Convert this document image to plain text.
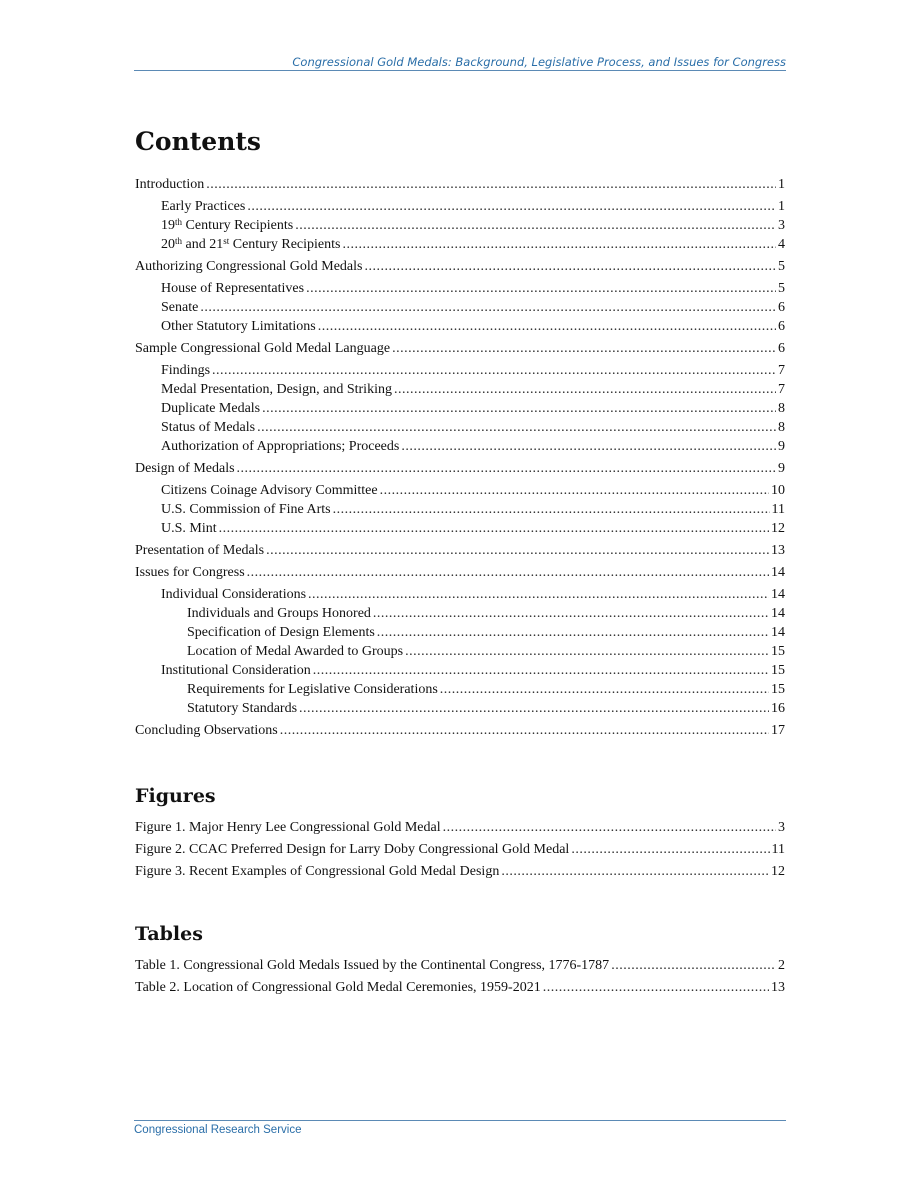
Congressional Gold Medals: Background, Legislative Process, and Issues for Congress
Contents
Introduction .....	1
Early Practices .....	1
19th Century Recipients .....	3
20th and 21st Century Recipients .....	4
Authorizing Congressional Gold Medals .....	5
House of Representatives .....	5
Senate .....	6
Other Statutory Limitations .....	6
Sample Congressional Gold Medal Language .....	6
Findings .....	7
Medal Presentation, Design, and Striking .....	7
Duplicate Medals .....	8
Status of Medals .....	8
Authorization of Appropriations; Proceeds .....	9
Design of Medals .....	9
Citizens Coinage Advisory Committee .....	10
U.S. Commission of Fine Arts .....	11
U.S. Mint .....	12
Presentation of Medals .....	13
Issues for Congress .....	14
Individual Considerations .....	14
Individuals and Groups Honored .....	14
Specification of Design Elements .....	14
Location of Medal Awarded to Groups .....	15
Institutional Consideration .....	15
Requirements for Legislative Considerations .....	15
Statutory Standards .....	16
Concluding Observations .....	17
Figures
Figure 1. Major Henry Lee Congressional Gold Medal .....	3
Figure 2. CCAC Preferred Design for Larry Doby Congressional Gold Medal .....	11
Figure 3. Recent Examples of Congressional Gold Medal Design .....	12
Tables
Table 1. Congressional Gold Medals Issued by the Continental Congress, 1776-1787 .....	2
Table 2. Location of Congressional Gold Medal Ceremonies, 1959-2021 .....	13
Congressional Research Service
